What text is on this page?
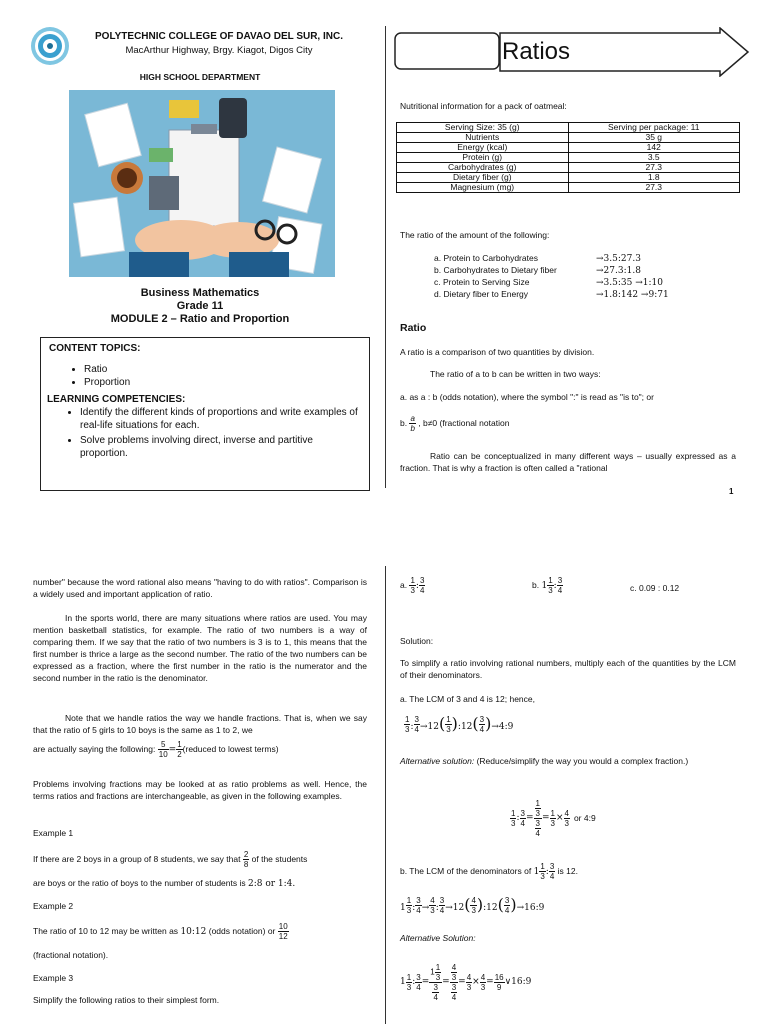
POLYTECHNIC COLLEGE OF DAVAO DEL SUR, INC.
MacArthur Highway, Brgy. Kiagot, Digos City
HIGH SCHOOL DEPARTMENT
Business Mathematics
Grade 11
MODULE 2 – Ratio and Proportion
CONTENT TOPICS:
• Ratio
• Proportion
LEARNING COMPETENCIES:
• Identify the different kinds of proportions and write examples of real-life situations for each.
• Solve problems involving direct, inverse and partitive proportion.
Ratios
Nutritional information for a pack of oatmeal:
Serving Size: 35 (g)	Serving per package: 11
Nutrients	35 g
Energy (kcal)	142
Protein (g)	3.5
Carbohydrates (g)	27.3
Dietary fiber (g)	1.8
Magnesium (mg)	27.3
The ratio of the amount of the following:
a. Protein to Carbohydrates	→3.5:27.3
b. Carbohydrates to Dietary fiber	→27.3:1.8
c. Protein to Serving Size	→3.5:35 →1:10
d. Dietary fiber to Energy	→1.8:142 →9:71
Ratio
A ratio is a comparison of two quantities by division.
The ratio of a to b can be written in two ways:
a. as a : b (odds notation), where the symbol ":" is read as "is to"; or
b. $\frac{a}{b}$ , b≠0 (fractional notation
Ratio can be conceptualized in many different ways – usually expressed as a fraction. That is why a fraction is often called a "rational
1
number" because the word rational also means "having to do with ratios". Comparison is a widely used and important application of ratio.
In the sports world, there are many situations where ratios are used. You may mention basketball statistics, for example. The ratio of two numbers is a way of comparing them. If we say that the ratio of two numbers is 3 is to 1, this means that the first number is thrice a large as the second number. The ratio of the two numbers can be expressed as a fraction, where the first number in the ratio is the numerator and the second number in the ratio is the denominator.
Note that we handle ratios the way we handle fractions. That is, when we say that the ratio of 5 girls to 10 boys is the same as 1 to 2, we
are actually saying the following: $\frac{5}{10} = \frac{1}{2}$ (reduced to lowest terms)
Problems involving fractions may be looked at as ratio problems as well. Hence, the terms ratios and fractions are interchangeable, as given in the following examples.
Example 1
If there are 2 boys in a group of 8 students, we say that $\frac{2}{8}$ of the students
are boys or the ratio of boys to the number of students is 2:8 or 1:4.
Example 2
The ratio of 10 to 12 may be written as 10:12 (odds notation) or $\frac{10}{12}$
(fractional notation).
Example 3
Simplify the following ratios to their simplest form.
a. $\frac{1}{3}$ : $\frac{3}{4}$	b. $1 \frac{1}{3}$ : $\frac{3}{4}$	c. 0.09 : 0.12
Solution:
To simplify a ratio involving rational numbers, multiply each of the quantities by the LCM of their denominators.
a. The LCM of 3 and 4 is 12; hence,
$\frac{1}{3}$ : $\frac{3}{4} \to 12( \frac{1}{3}$ ):12( $\frac{3}{4}$ )→4:9
Alternative solution: (Reduce/simplify the way you would a complex fraction.)
$\frac{1}{3}$ : $\frac{3}{4} = \frac{\frac{1}{3}}{\frac{3}{4}} = \frac{1}{3} \times \frac{4}{3}$ or 4:9
b. The LCM of the denominators of $1 \frac{1}{3}$ : $\frac{3}{4}$ is 12.
$1 \frac{1}{3}$ : $\frac{3}{4} \to \frac{4}{3}$ : $\frac{3}{4} \to 12( \frac{4}{3}$ ):12( $\frac{3}{4}$ )→16:9
Alternative Solution:
$1 \frac{1}{3}$ : $\frac{3}{4} = \frac{1 \frac{1}{3}}{\frac{3}{4}} = \frac{\frac{4}{3}}{\frac{3}{4}} = \frac{4}{3} \times \frac{4}{3} = \frac{16}{9}$ ∨16:9
